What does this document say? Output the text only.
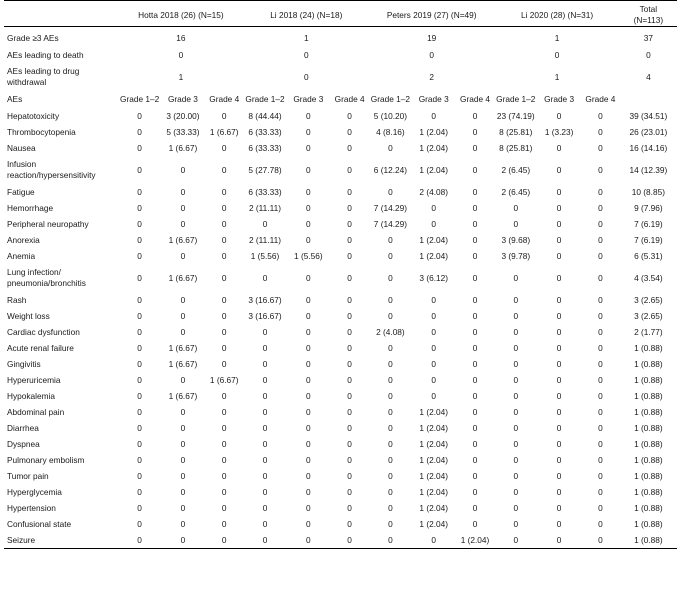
	Hotta 2018 (26) (N=15)			Li 2018 (24) (N=18)			Peters 2019 (27) (N=49)			Li 2020 (28) (N=31)			Total
(N=113)

Grade ≥3 AEs	16			1			19			1			37
AEs leading to death	0			0			0			0			0
AEs leading to drug withdrawal	1			0			2			1			4
AEs	Grade 1–2	Grade 3	Grade 4	Grade 1–2	Grade 3	Grade 4	Grade 1–2	Grade 3	Grade 4	Grade 1–2	Grade 3	Grade 4	
Hepatotoxicity	0	3 (20.00)	0	8 (44.44)	0	0	5 (10.20)	0	0	23 (74.19)	0	0	39 (34.51)
Thrombocytopenia	0	5 (33.33)	1 (6.67)	6 (33.33)	0	0	4 (8.16)	1 (2.04)	0	8 (25.81)	1 (3.23)	0	26 (23.01)
Nausea	0	1 (6.67)	0	6 (33.33)	0	0	0	1 (2.04)	0	8 (25.81)	0	0	16 (14.16)
Infusion reaction/hypersensitivity	0	0	0	5 (27.78)	0	0	6 (12.24)	1 (2.04)	0	2 (6.45)	0	0	14 (12.39)
Fatigue	0	0	0	6 (33.33)	0	0	0	2 (4.08)	0	2 (6.45)	0	0	10 (8.85)
Hemorrhage	0	0	0	2 (11.11)	0	0	7 (14.29)	0	0	0	0	0	9 (7.96)
Peripheral neuropathy	0	0	0	0	0	0	7 (14.29)	0	0	0	0	0	7 (6.19)
Anorexia	0	1 (6.67)	0	2 (11.11)	0	0	0	1 (2.04)	0	3 (9.68)	0	0	7 (6.19)
Anemia	0	0	0	1 (5.56)	1 (5.56)	0	0	1 (2.04)	0	3 (9.78)	0	0	6 (5.31)
Lung infection/ pneumonia/bronchitis	0	1 (6.67)	0	0	0	0	0	3 (6.12)	0	0	0	0	4 (3.54)
Rash	0	0	0	3 (16.67)	0	0	0	0	0	0	0	0	3 (2.65)
Weight loss	0	0	0	3 (16.67)	0	0	0	0	0	0	0	0	3 (2.65)
Cardiac dysfunction	0	0	0	0	0	0	2 (4.08)	0	0	0	0	0	2 (1.77)
Acute renal failure	0	1 (6.67)	0	0	0	0	0	0	0	0	0	0	1 (0.88)
Gingivitis	0	1 (6.67)	0	0	0	0	0	0	0	0	0	0	1 (0.88)
Hyperuricemia	0	0	1 (6.67)	0	0	0	0	0	0	0	0	0	1 (0.88)
Hypokalemia	0	1 (6.67)	0	0	0	0	0	0	0	0	0	0	1 (0.88)
Abdominal pain	0	0	0	0	0	0	0	1 (2.04)	0	0	0	0	1 (0.88)
Diarrhea	0	0	0	0	0	0	0	1 (2.04)	0	0	0	0	1 (0.88)
Dyspnea	0	0	0	0	0	0	0	1 (2.04)	0	0	0	0	1 (0.88)
Pulmonary embolism	0	0	0	0	0	0	0	1 (2.04)	0	0	0	0	1 (0.88)
Tumor pain	0	0	0	0	0	0	0	1 (2.04)	0	0	0	0	1 (0.88)
Hyperglycemia	0	0	0	0	0	0	0	1 (2.04)	0	0	0	0	1 (0.88)
Hypertension	0	0	0	0	0	0	0	1 (2.04)	0	0	0	0	1 (0.88)
Confusional state	0	0	0	0	0	0	0	1 (2.04)	0	0	0	0	1 (0.88)
Seizure	0	0	0	0	0	0	0	0	1 (2.04)	0	0	0	1 (0.88)
